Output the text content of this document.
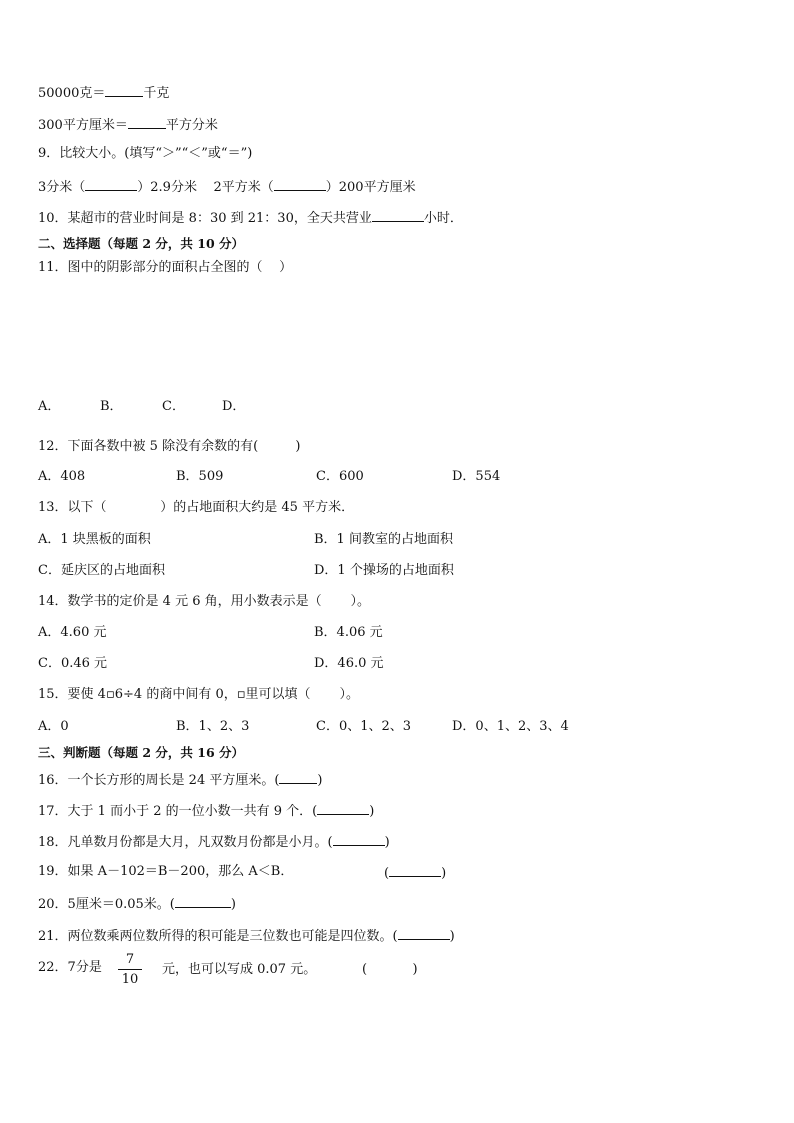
50000克＝	千克
300平方厘米＝	平方分米
9．比较大小。(填写“＞”“＜”或“＝”)
3分米（	）2.9分米    2平方米（	）200平方厘米
10．某超市的营业时间是 8：30 到 21：30，全天共营业	小时．
二、选择题（每题 2 分，共 10 分）
11．图中的阴影部分的面积占全图的（    ）
A．	B．	C．	D．
12．下面各数中被 5 除没有余数的有(         )
A．408	B．509	C．600	D．554
13．以下（             ）的占地面积大约是 45 平方米．
A．1 块黑板的面积	B．1 间教室的占地面积
C．延庆区的占地面积	D．1 个操场的占地面积
14．数学书的定价是 4 元 6 角，用小数表示是（       ）。
A．4.60 元	B．4.06 元
C．0.46 元	D．46.0 元
15．要使 4▫6÷4 的商中间有 0，▫里可以填（       ）。
A．0	B．1、2、3	C．0、1、2、3	D．0、1、2、3、4
三、判断题（每题 2 分，共 16 分）
16．一个长方形的周长是 24 平方厘米。(	)
17．大于 1 而小于 2 的一位小数一共有 9 个．(	)
18．凡单数月份都是大月，凡双数月份都是小月。(	)
19．如果 A－102＝B－200，那么 A＜B．	(	)
20．5厘米＝0.05米。(	)
21．两位数乘两位数所得的积可能是三位数也可能是四位数。(	)
22．7分是
7
10
元，也可以写成 0.07 元。	(           )
